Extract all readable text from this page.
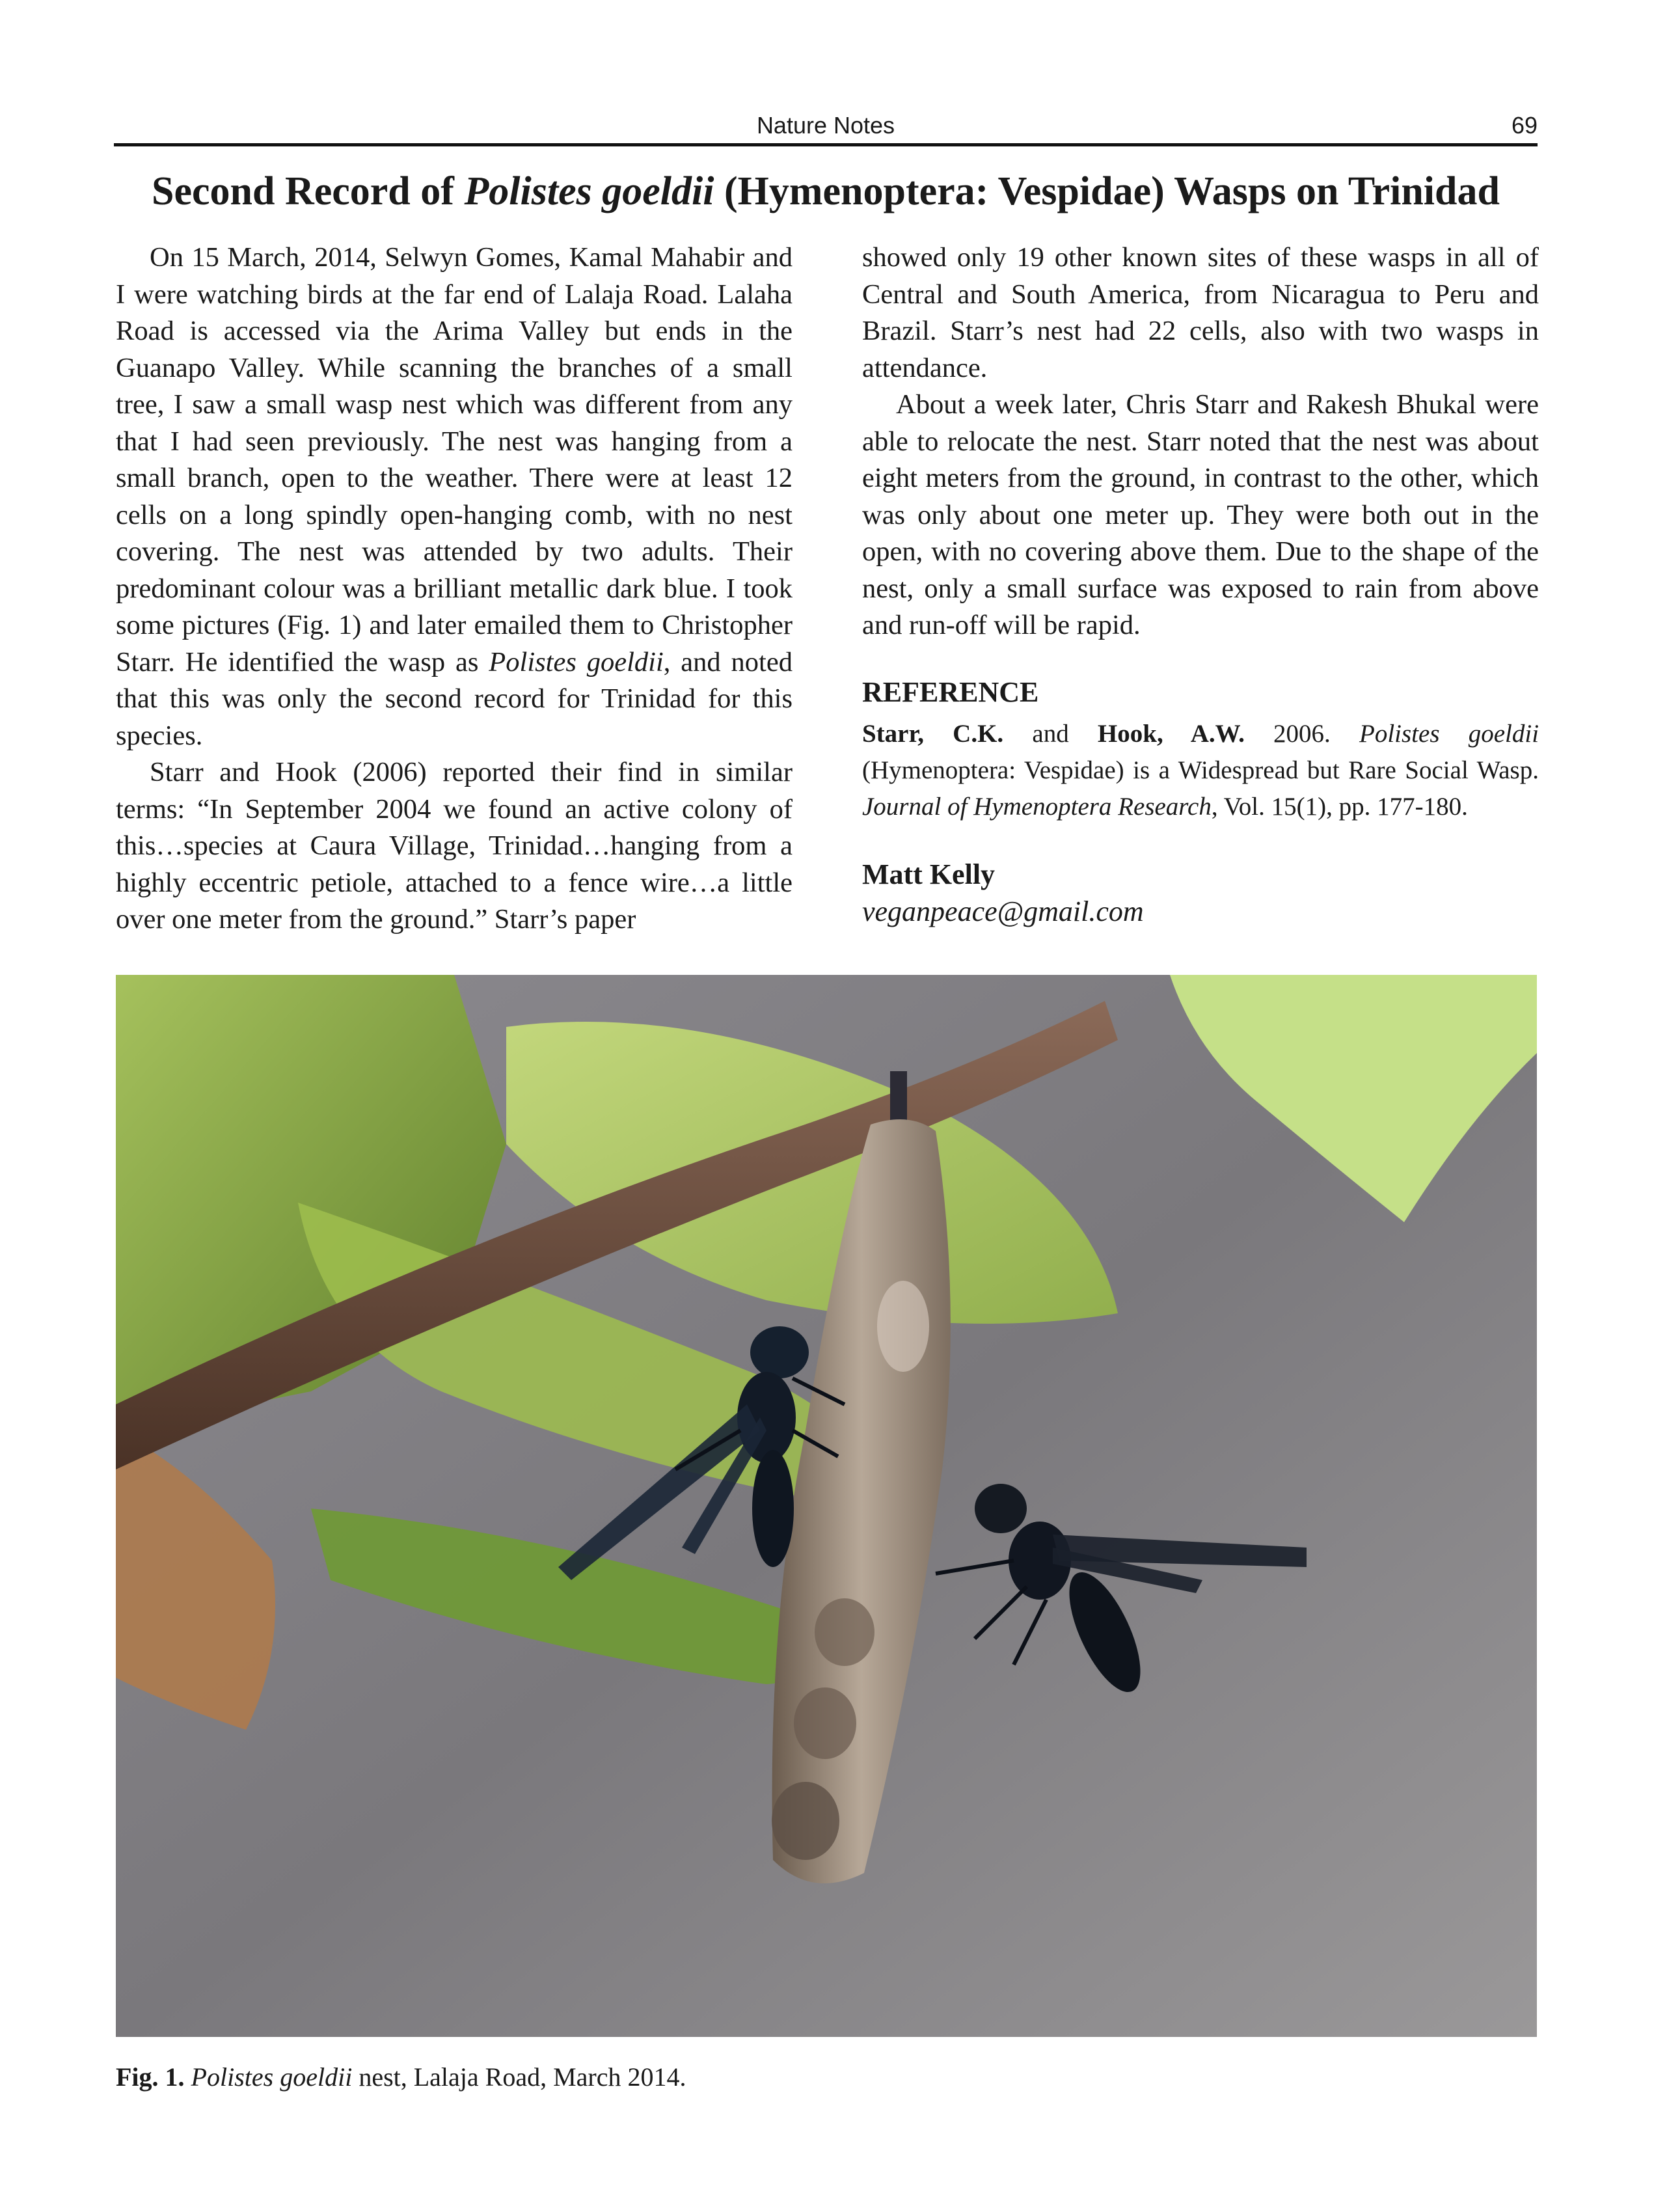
Nature Notes	69
Second Record of Polistes goeldii (Hymenoptera: Vespidae) Wasps on Trinidad

On 15 March, 2014, Selwyn Gomes, Kamal Mahabir and I were watching birds at the far end of Lalaja Road. Lalaha Road is accessed via the Arima Valley but ends in the Guanapo Valley. While scanning the branches of a small tree, I saw a small wasp nest which was different from any that I had seen previously. The nest was hanging from a small branch, open to the weather. There were at least 12 cells on a long spindly open-hanging comb, with no nest covering. The nest was attended by two adults. Their predominant colour was a brilliant metallic dark blue. I took some pictures (Fig. 1) and later emailed them to Christopher Starr. He identified the wasp as Polistes goeldii, and noted that this was only the second record for Trinidad for this species.

Starr and Hook (2006) reported their find in similar terms: “In September 2004 we found an active colony of this…species at Caura Village, Trinidad…hanging from a highly eccentric petiole, attached to a fence wire…a little over one meter from the ground.” Starr’s paper

showed only 19 other known sites of these wasps in all of Central and South America, from Nicaragua to Peru and Brazil. Starr’s nest had 22 cells, also with two wasps in attendance.

About a week later, Chris Starr and Rakesh Bhukal were able to relocate the nest. Starr noted that the nest was about eight meters from the ground, in contrast to the other, which was only about one meter up. They were both out in the open, with no covering above them. Due to the shape of the nest, only a small surface was exposed to rain from above and run-off will be rapid.

REFERENCE
Starr, C.K. and Hook, A.W. 2006. Polistes goeldii (Hymenoptera: Vespidae) is a Widespread but Rare Social Wasp. Journal of Hymenoptera Research, Vol. 15(1), pp. 177-180.
Matt Kelly
veganpeace@gmail.com
Fig. 1. Polistes goeldii nest, Lalaja Road, March 2014.
